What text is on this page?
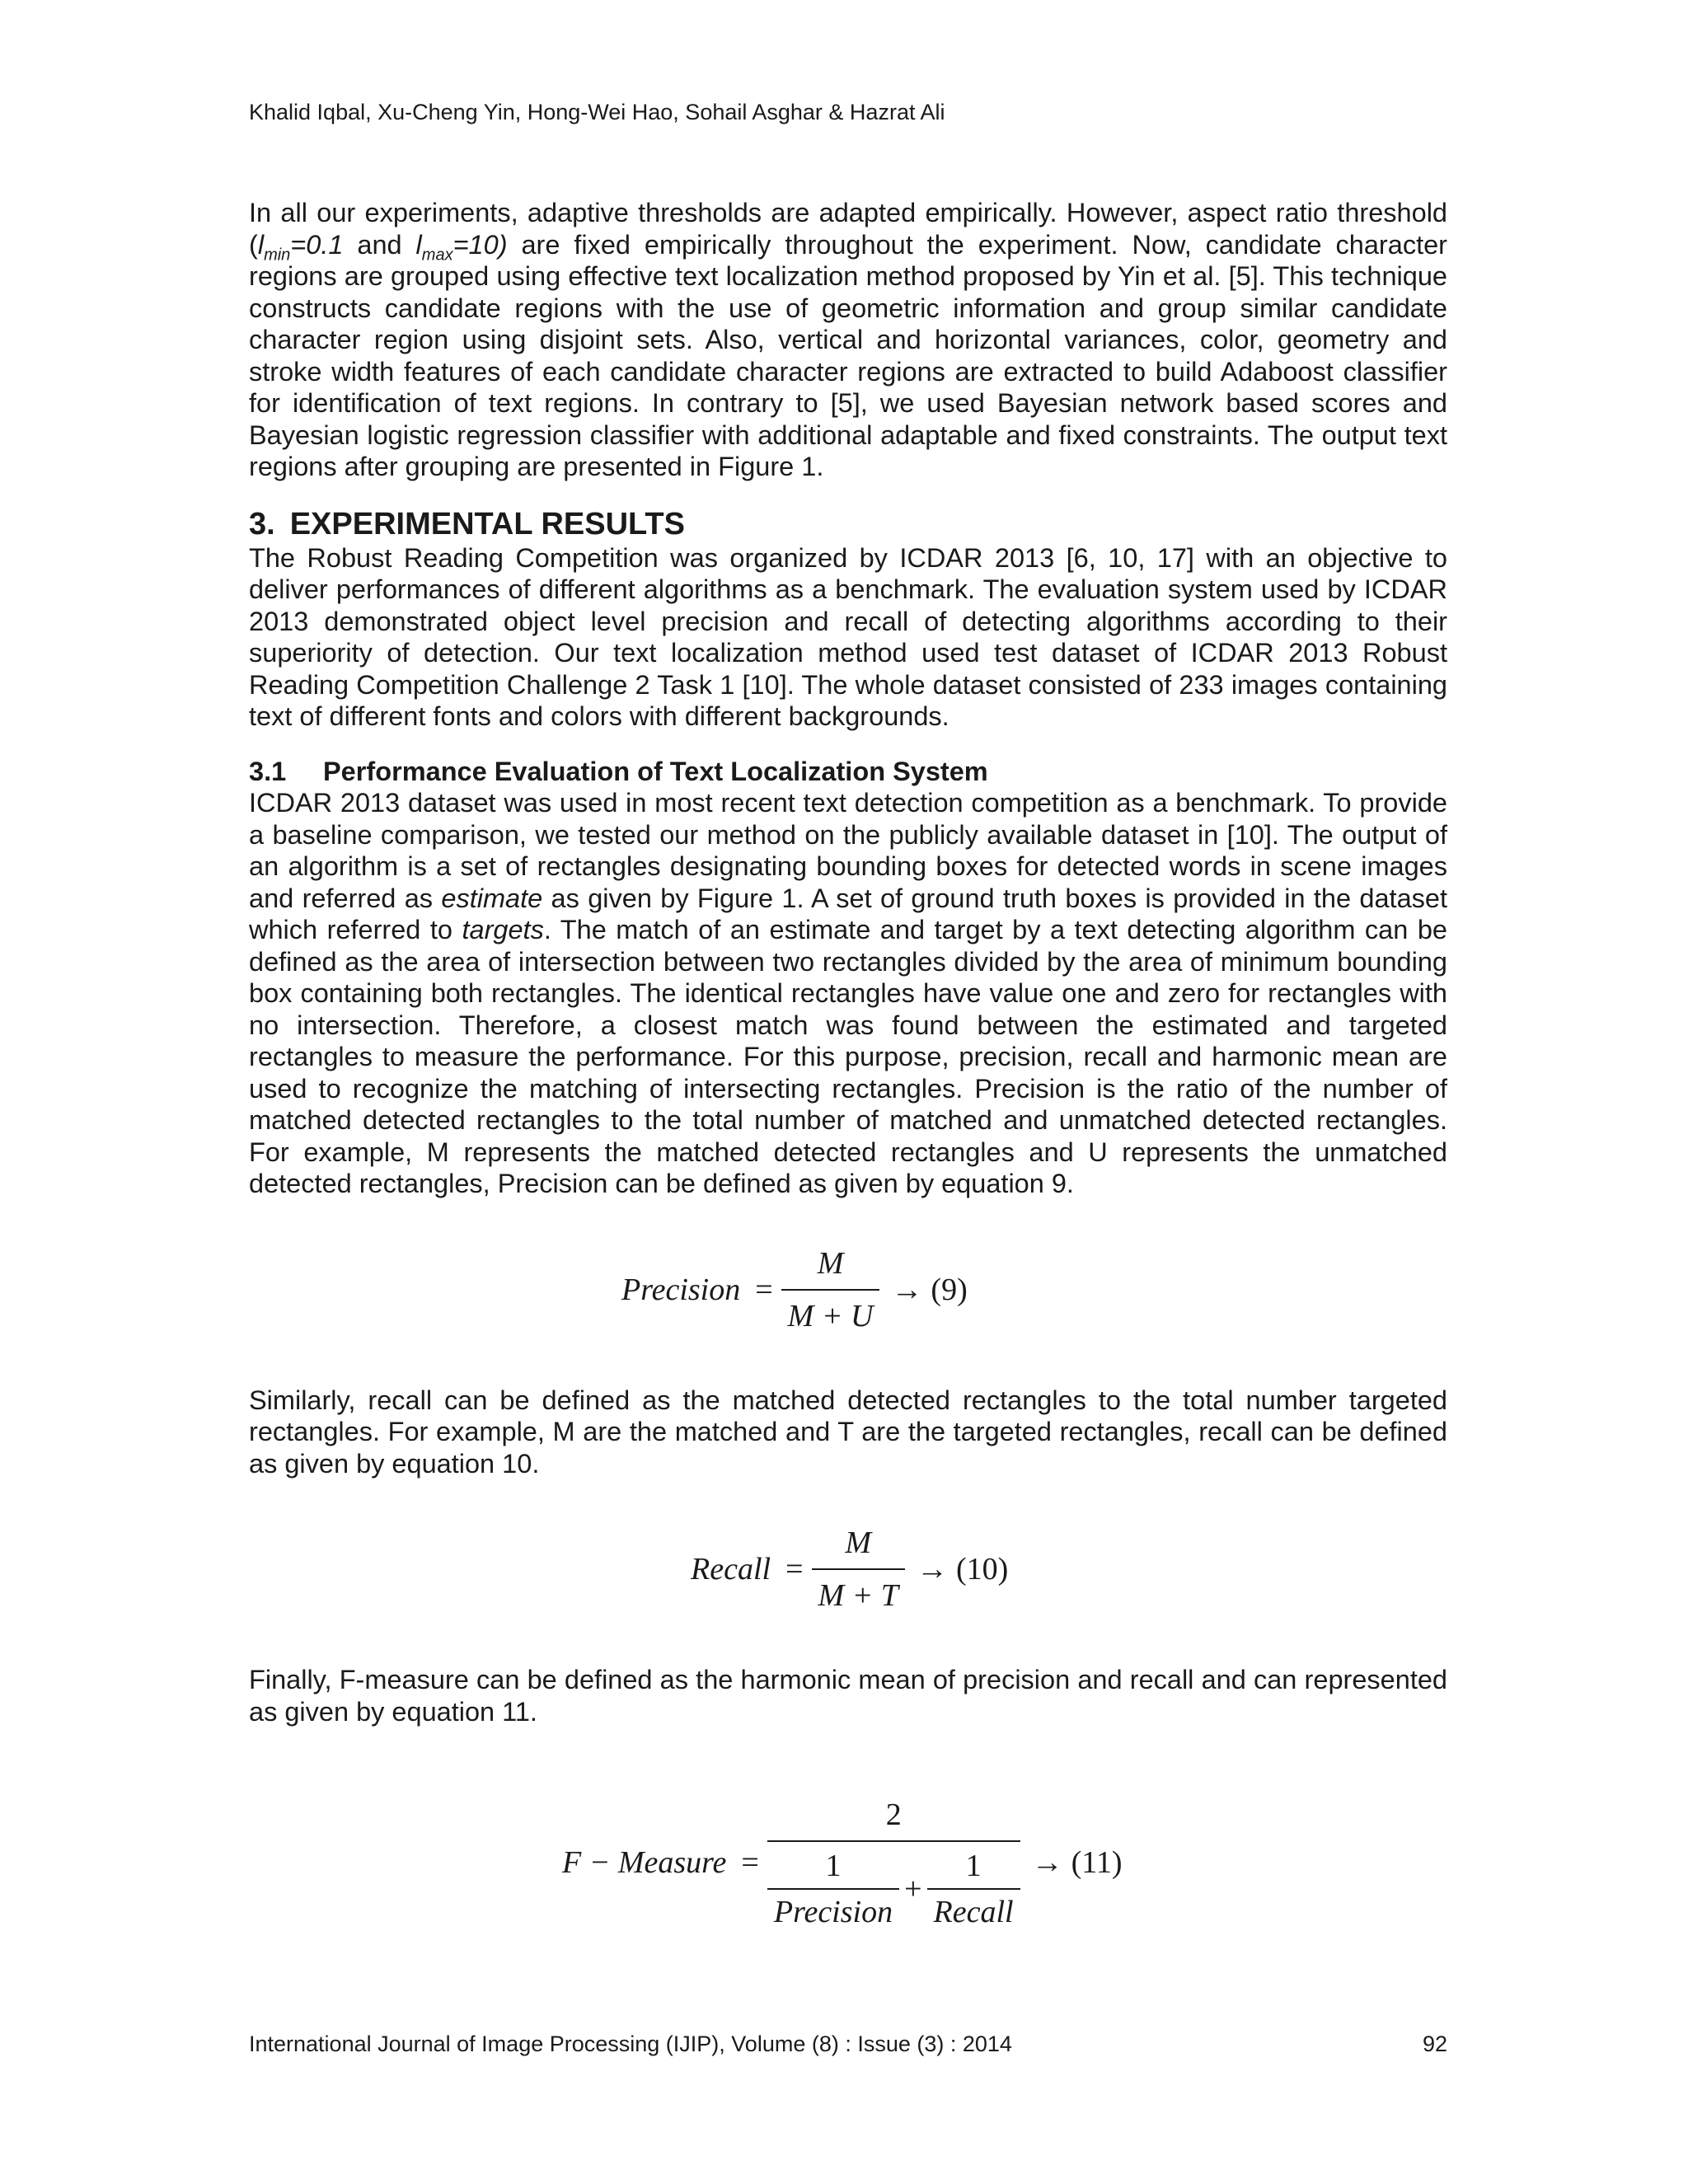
Khalid Iqbal, Xu-Cheng Yin, Hong-Wei Hao, Sohail Asghar & Hazrat Ali

In all our experiments, adaptive thresholds are adapted empirically. However, aspect ratio threshold ($l_{min}=0.1$ and $l_{max}=10$) are fixed empirically throughout the experiment. Now, candidate character regions are grouped using effective text localization method proposed by Yin et al. [5]. This technique constructs candidate regions with the use of geometric information and group similar candidate character region using disjoint sets. Also, vertical and horizontal variances, color, geometry and stroke width features of each candidate character regions are extracted to build Adaboost classifier for identification of text regions. In contrary to [5], we used Bayesian network based scores and Bayesian logistic regression classifier with additional adaptable and fixed constraints. The output text regions after grouping are presented in Figure 1.

3. EXPERIMENTAL RESULTS

The Robust Reading Competition was organized by ICDAR 2013 [6, 10, 17] with an objective to deliver performances of different algorithms as a benchmark. The evaluation system used by ICDAR 2013 demonstrated object level precision and recall of detecting algorithms according to their superiority of detection. Our text localization method used test dataset of ICDAR 2013 Robust Reading Competition Challenge 2 Task 1 [10]. The whole dataset consisted of 233 images containing text of different fonts and colors with different backgrounds.

3.1 Performance Evaluation of Text Localization System

ICDAR 2013 dataset was used in most recent text detection competition as a benchmark. To provide a baseline comparison, we tested our method on the publicly available dataset in [10]. The output of an algorithm is a set of rectangles designating bounding boxes for detected words in scene images and referred as estimate as given by Figure 1. A set of ground truth boxes is provided in the dataset which referred to targets. The match of an estimate and target by a text detecting algorithm can be defined as the area of intersection between two rectangles divided by the area of minimum bounding box containing both rectangles. The identical rectangles have value one and zero for rectangles with no intersection. Therefore, a closest match was found between the estimated and targeted rectangles to measure the performance. For this purpose, precision, recall and harmonic mean are used to recognize the matching of intersecting rectangles. Precision is the ratio of the number of matched detected rectangles to the total number of matched and unmatched detected rectangles. For example, M represents the matched detected rectangles and U represents the unmatched detected rectangles, Precision can be defined as given by equation 9.

Precision = $\frac{M}{M + U} \to (9)$

Similarly, recall can be defined as the matched detected rectangles to the total number targeted rectangles. For example, M are the matched and T are the targeted rectangles, recall can be defined as given by equation 10.

Recall = $\frac{M}{M + T} \to (10)$

Finally, F-measure can be defined as the harmonic mean of precision and recall and can represented as given by equation 11.

F − Measure =
2
$\frac{1}{\text{Precision}} + \frac{1}{\text{Recall}} \to (11)$
International Journal of Image Processing (IJIP), Volume (8) : Issue (3) : 2014	92
